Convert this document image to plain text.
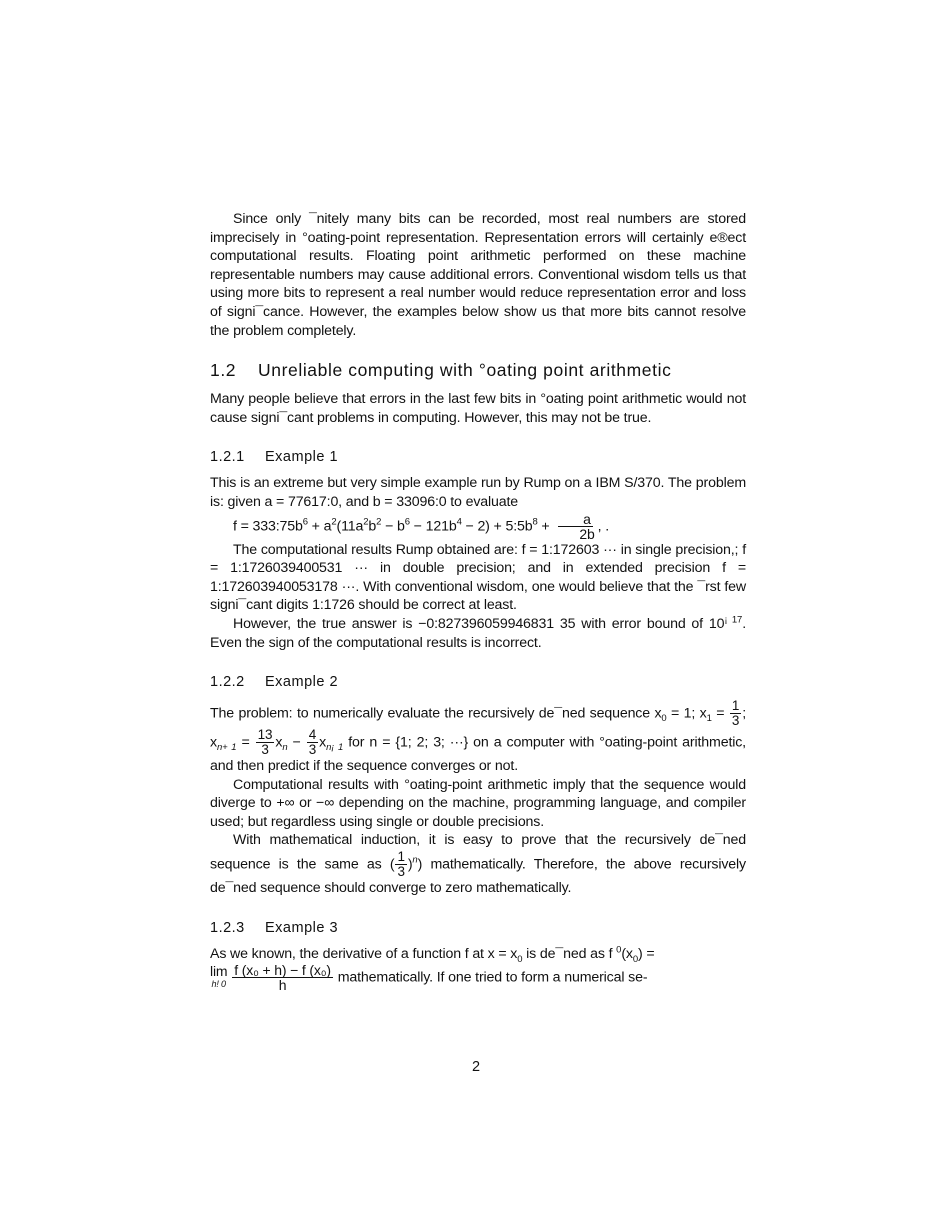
Since only ¯nitely many bits can be recorded, most real numbers are stored imprecisely in °oating-point representation. Representation errors will certainly e®ect computational results. Floating point arithmetic performed on these machine representable numbers may cause additional errors. Conventional wisdom tells us that using more bits to represent a real number would reduce representation error and loss of signi¯cance. However, the examples below show us that more bits cannot resolve the problem completely.

1.2 Unreliable computing with °oating point arithmetic

Many people believe that errors in the last few bits in °oating point arithmetic would not cause signi¯cant problems in computing. However, this may not be true.

1.2.1 Example 1

This is an extreme but very simple example run by Rump on a IBM S/370. The problem is: given a = 77617:0, and b = 33096:0 to evaluate

$f = 333:75b^6 + a^2(11a^2b^2 - b^6 - 121b^4 - 2)$ + $5:5b^8 + \frac{a}{2b}$ , .

The computational results Rump obtained are: f = 1:172603 ··· in single precision,; f = 1:1726039400531 ··· in double precision; and in extended precision f = 1:172603940053178 ···. With conventional wisdom, one would believe that the ¯rst few signi¯cant digits 1:1726 should be correct at least.

However, the true answer is −0:827396059946831 35 with error bound of $10^{¡ 17}$. Even the sign of the computational results is incorrect.

1.2.2 Example 2

The problem: to numerically evaluate the recursively de¯ned sequence $x_0 = 1$; $x_1 = \frac{1}{3}$ ; $x_{n+ 1} = \frac{13}{3} x_n - \frac{4}{3} x_{n¡ 1}$ for n = {1; 2; 3; ···} on a computer with °oating-point arithmetic, and then predict if the sequence converges or not.

Computational results with °oating-point arithmetic imply that the sequence would diverge to +∞ or −∞ depending on the machine, programming language, and compiler used; but regardless using single or double precisions.

With mathematical induction, it is easy to prove that the recursively de¯ned sequence is the same as ( $\frac{1}{3} )^n$) mathematically. Therefore, the above recursively de¯ned sequence should converge to zero mathematically.

1.2.3 Example 3

As we known, the derivative of a function f at $x = x_0$ is de¯ned as f $^0(x_0)$ =

lim
h! 0
$\frac{\text{f (x₀ + h) − f (x₀)}}{h}$ mathematically. If one tried to form a numerical se-

2
